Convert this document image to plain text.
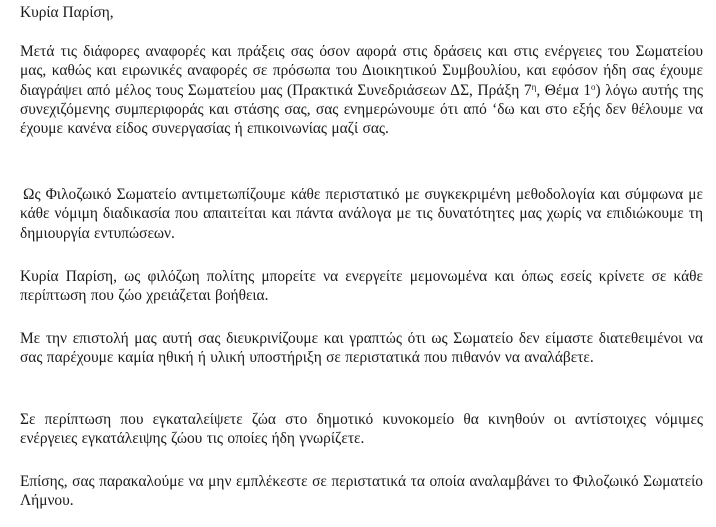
Κυρία Παρίση,
Μετά τις διάφορες αναφορές και πράξεις σας όσον αφορά στις δράσεις και στις ενέργειες του Σωματείου μας, καθώς και ειρωνικές αναφορές σε πρόσωπα του Διοικητικού Συμβουλίου, και εφόσον ήδη σας έχουμε διαγράψει από μέλος τους Σωματείου μας (Πρακτικά Συνεδριάσεων ΔΣ, Πράξη $7^\eta$, Θέμα $1^o$) λόγω αυτής της συνεχιζόμενης συμπεριφοράς και στάσης σας, σας ενημερώνουμε ότι από ‘δω και στο εξής δεν θέλουμε να έχουμε κανένα είδος συνεργασίας ή επικοινωνίας μαζί σας.
Ως Φιλοζωικό Σωματείο αντιμετωπίζουμε κάθε περιστατικό με συγκεκριμένη μεθοδολογία και σύμφωνα με κάθε νόμιμη διαδικασία που απαιτείται και πάντα ανάλογα με τις δυνατότητες μας χωρίς να επιδιώκουμε τη δημιουργία εντυπώσεων.
Κυρία Παρίση, ως φιλόζωη πολίτης μπορείτε να ενεργείτε μεμονωμένα και όπως εσείς κρίνετε σε κάθε περίπτωση που ζώο χρειάζεται βοήθεια.
Με την επιστολή μας αυτή σας διευκρινίζουμε και γραπτώς ότι ως Σωματείο δεν είμαστε διατεθειμένοι να σας παρέχουμε καμία ηθική ή υλική υποστήριξη σε περιστατικά που πιθανόν να αναλάβετε.
Σε περίπτωση που εγκαταλείψετε ζώα στο δημοτικό κυνοκομείο θα κινηθούν οι αντίστοιχες νόμιμες ενέργειες εγκατάλειψης ζώου τις οποίες ήδη γνωρίζετε.
Επίσης, σας παρακαλούμε να μην εμπλέκεστε σε περιστατικά τα οποία αναλαμβάνει το Φιλοζωικό Σωματείο Λήμνου.
